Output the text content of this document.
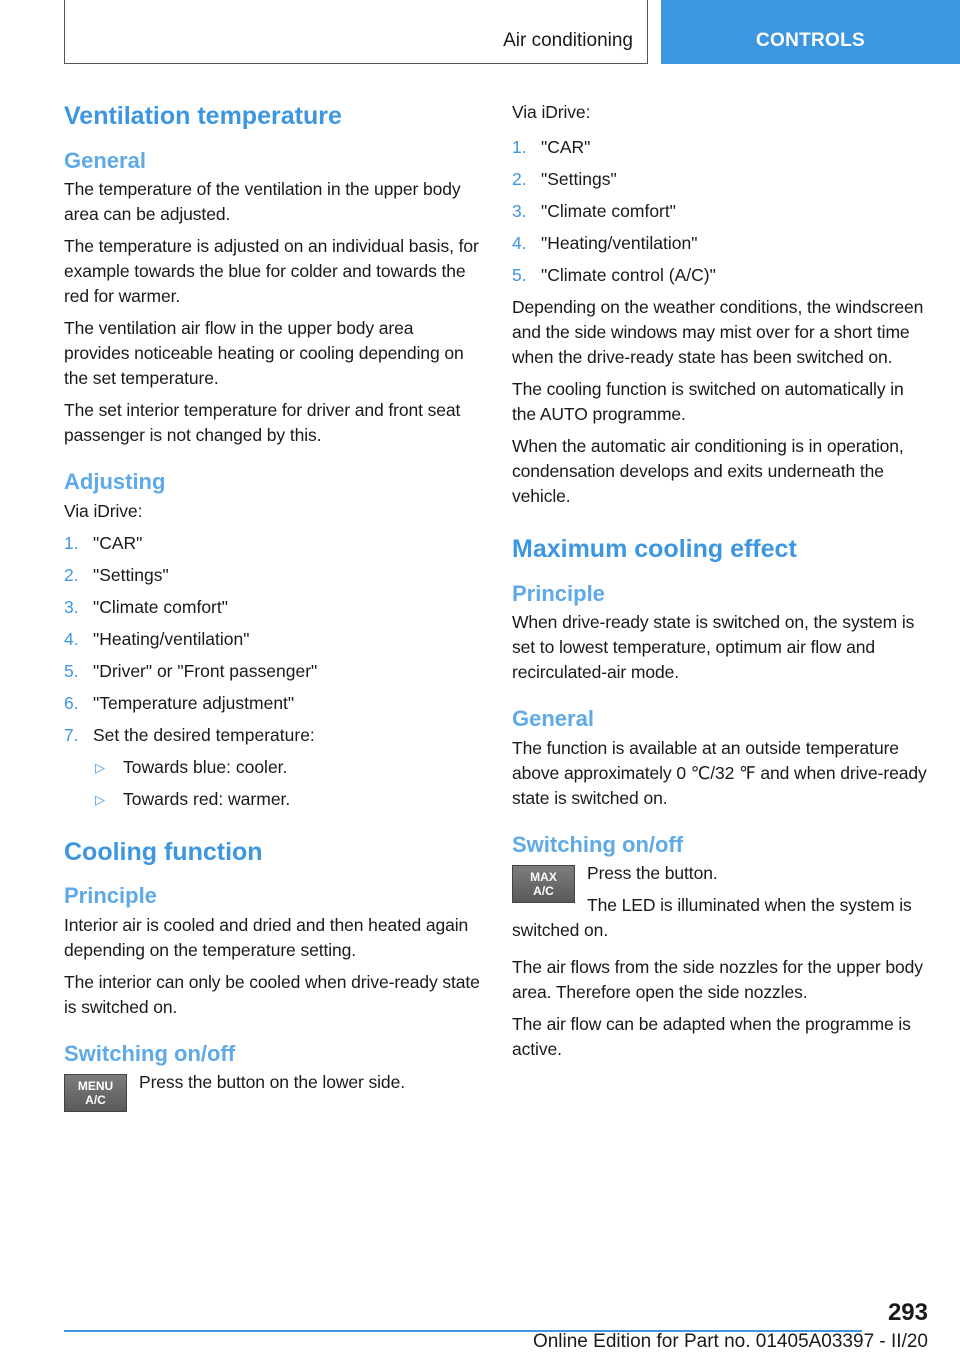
Air conditioning	CONTROLS
Ventilation temperature
General

The temperature of the ventilation in the upper body area can be adjusted.

The temperature is adjusted on an individual basis, for example towards the blue for colder and towards the red for warmer.

The ventilation air flow in the upper body area provides noticeable heating or cooling depending on the set temperature.

The set interior temperature for driver and front seat passenger is not changed by this.

Adjusting

Via iDrive:

1. "CAR"
2. "Settings"
3. "Climate comfort"
4. "Heating/ventilation"
5. "Driver" or "Front passenger"
6. "Temperature adjustment"
7. Set the desired temperature:
▷ Towards blue: cooler.
▷ Towards red: warmer.
Cooling function
Principle

Interior air is cooled and dried and then heated again depending on the temperature setting.

The interior can only be cooled when drive-ready state is switched on.

Switching on/off
MENU
A/C

Press the button on the lower side.

Via iDrive:

1. "CAR"
2. "Settings"
3. "Climate comfort"
4. "Heating/ventilation"
5. "Climate control (A/C)"

Depending on the weather conditions, the windscreen and the side windows may mist over for a short time when the drive-ready state has been switched on.

The cooling function is switched on automatically in the AUTO programme.

When the automatic air conditioning is in operation, condensation develops and exits underneath the vehicle.

Maximum cooling effect
Principle

When drive-ready state is switched on, the system is set to lowest temperature, optimum air flow and recirculated-air mode.

General

The function is available at an outside temperature above approximately 0 ℃/32 ℉ and when drive-ready state is switched on.

Switching on/off
MAX
A/C

Press the button.

The LED is illuminated when the system is switched on.

The air flows from the side nozzles for the upper body area. Therefore open the side nozzles.

The air flow can be adapted when the programme is active.

293
Online Edition for Part no. 01405A03397 - II/20
